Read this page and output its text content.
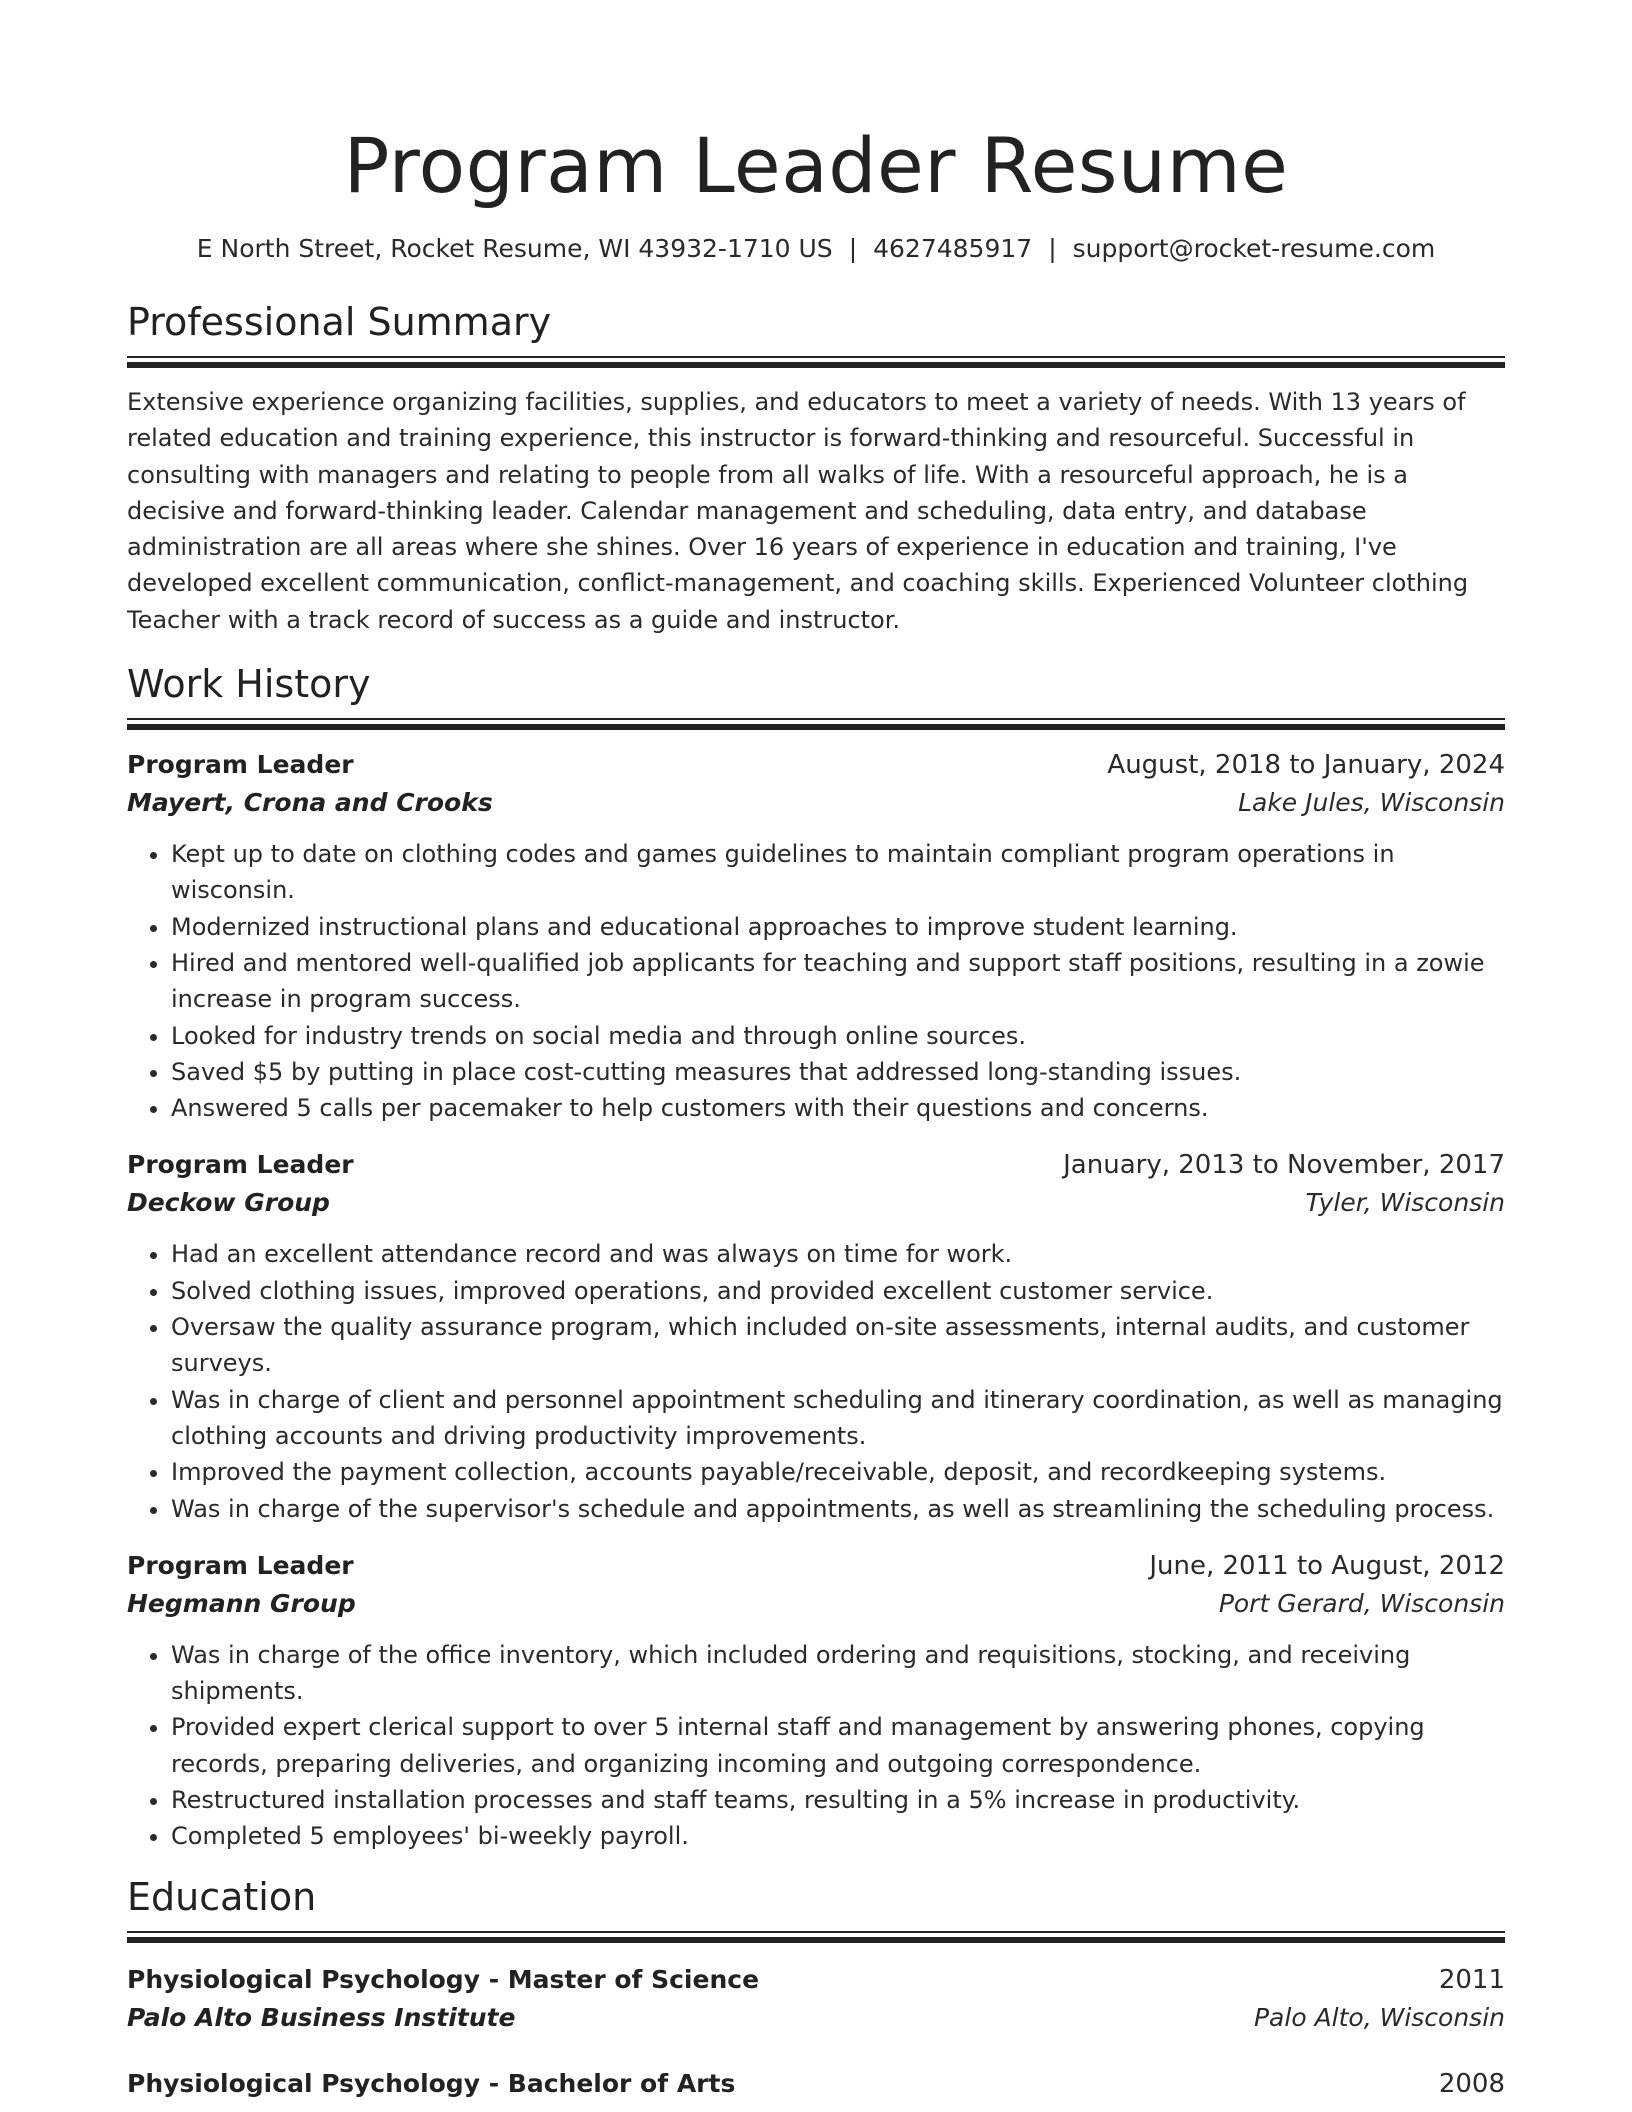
Program Leader Resume
E North Street, Rocket Resume, WI 43932-1710 US | 4627485917 | support@rocket-resume.com
Professional Summary
Extensive experience organizing facilities, supplies, and educators to meet a variety of needs. With 13 years of related education and training experience, this instructor is forward-thinking and resourceful. Successful in consulting with managers and relating to people from all walks of life. With a resourceful approach, he is a decisive and forward-thinking leader. Calendar management and scheduling, data entry, and database administration are all areas where she shines. Over 16 years of experience in education and training, I've developed excellent communication, conflict-management, and coaching skills. Experienced Volunteer clothing Teacher with a track record of success as a guide and instructor.
Work History
Program Leader	August, 2018 to January, 2024
Mayert, Crona and Crooks	Lake Jules, Wisconsin
• Kept up to date on clothing codes and games guidelines to maintain compliant program operations in wisconsin.
• Modernized instructional plans and educational approaches to improve student learning.
• Hired and mentored well-qualified job applicants for teaching and support staff positions, resulting in a zowie increase in program success.
• Looked for industry trends on social media and through online sources.
• Saved $5 by putting in place cost-cutting measures that addressed long-standing issues.
• Answered 5 calls per pacemaker to help customers with their questions and concerns.
Program Leader	January, 2013 to November, 2017
Deckow Group	Tyler, Wisconsin
• Had an excellent attendance record and was always on time for work.
• Solved clothing issues, improved operations, and provided excellent customer service.
• Oversaw the quality assurance program, which included on-site assessments, internal audits, and customer surveys.
• Was in charge of client and personnel appointment scheduling and itinerary coordination, as well as managing clothing accounts and driving productivity improvements.
• Improved the payment collection, accounts payable/receivable, deposit, and recordkeeping systems.
• Was in charge of the supervisor's schedule and appointments, as well as streamlining the scheduling process.
Program Leader	June, 2011 to August, 2012
Hegmann Group	Port Gerard, Wisconsin
• Was in charge of the office inventory, which included ordering and requisitions, stocking, and receiving shipments.
• Provided expert clerical support to over 5 internal staff and management by answering phones, copying records, preparing deliveries, and organizing incoming and outgoing correspondence.
• Restructured installation processes and staff teams, resulting in a 5% increase in productivity.
• Completed 5 employees' bi-weekly payroll.
Education
Physiological Psychology - Master of Science	2011
Palo Alto Business Institute	Palo Alto, Wisconsin
Physiological Psychology - Bachelor of Arts	2008
